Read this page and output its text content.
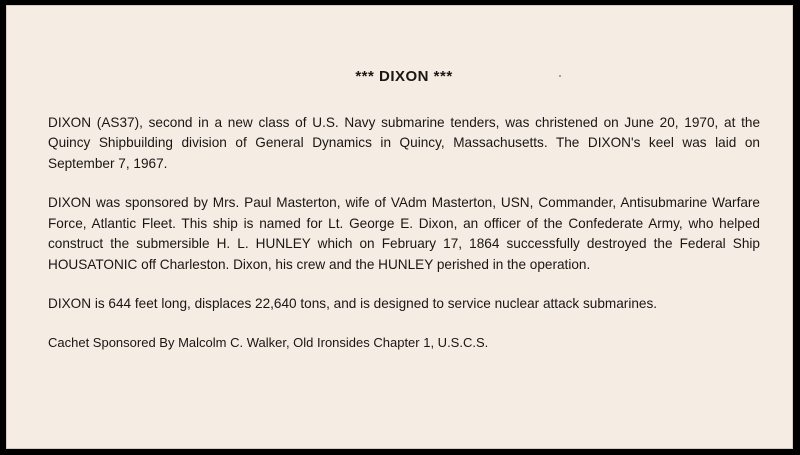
*** DIXON ***

DIXON (AS37), second in a new class of U.S. Navy submarine tenders, was christened on June 20, 1970, at the Quincy Shipbuilding division of General Dynamics in Quincy, Massachusetts. The DIXON's keel was laid on September 7, 1967.

DIXON was sponsored by Mrs. Paul Masterton, wife of VAdm Masterton, USN, Commander, Antisubmarine Warfare Force, Atlantic Fleet. This ship is named for Lt. George E. Dixon, an officer of the Confederate Army, who helped construct the submersible H. L. HUNLEY which on February 17, 1864 successfully destroyed the Federal Ship HOUSATONIC off Charleston. Dixon, his crew and the HUNLEY perished in the operation.

DIXON is 644 feet long, displaces 22,640 tons, and is designed to service nuclear attack submarines.

Cachet Sponsored By Malcolm C. Walker, Old Ironsides Chapter 1, U.S.C.S.
